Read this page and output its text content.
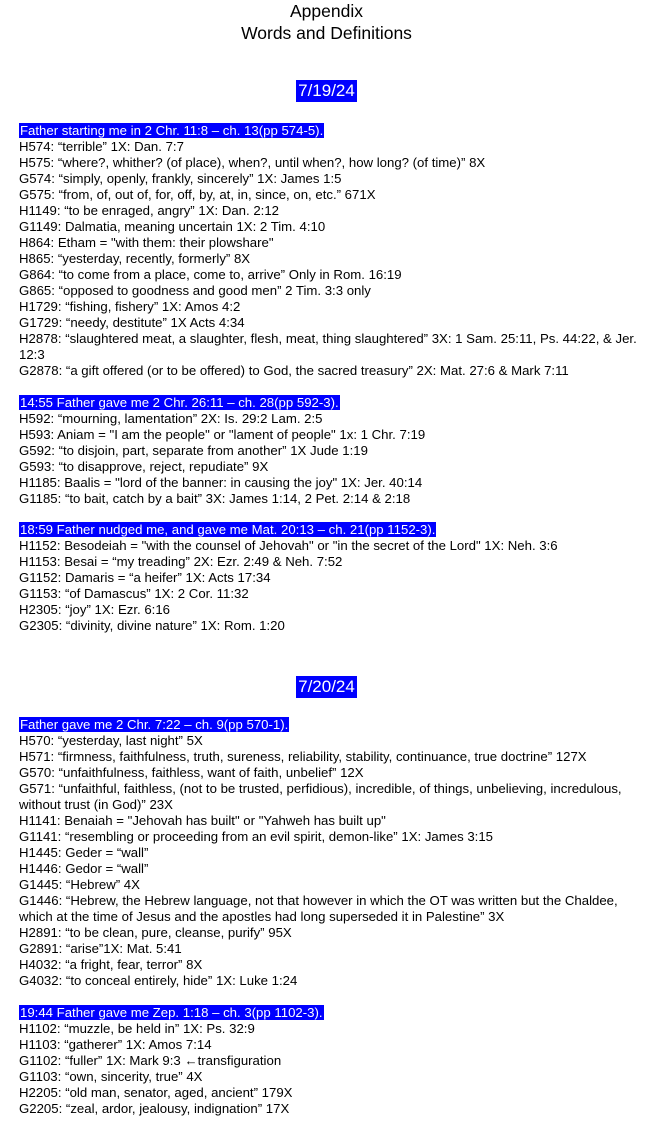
Appendix
Words and Definitions
7/19/24
Father starting me in 2 Chr. 11:8 – ch. 13(pp 574-5).
H574: “terrible” 1X: Dan. 7:7
H575: “where?, whither? (of place), when?, until when?, how long? (of time)” 8X
G574: “simply, openly, frankly, sincerely” 1X: James 1:5
G575: “from, of, out of, for, off, by, at, in, since, on, etc.” 671X
H1149: “to be enraged, angry” 1X: Dan. 2:12
G1149: Dalmatia, meaning uncertain 1X: 2 Tim. 4:10
H864: Etham = "with them: their plowshare"
H865: “yesterday, recently, formerly” 8X
G864: “to come from a place, come to, arrive” Only in Rom. 16:19
G865: “opposed to goodness and good men” 2 Tim. 3:3 only
H1729: “fishing, fishery” 1X: Amos 4:2
G1729: “needy, destitute” 1X Acts 4:34
H2878: “slaughtered meat, a slaughter, flesh, meat, thing slaughtered” 3X: 1 Sam. 25:11, Ps. 44:22, & Jer. 12:3
G2878: “a gift offered (or to be offered) to God, the sacred treasury” 2X: Mat. 27:6 & Mark 7:11
14:55 Father gave me 2 Chr. 26:11 – ch. 28(pp 592-3).
H592: “mourning, lamentation” 2X: Is. 29:2 Lam. 2:5
H593: Aniam = "I am the people" or "lament of people" 1x: 1 Chr. 7:19
G592: “to disjoin, part, separate from another” 1X Jude 1:19
G593: “to disapprove, reject, repudiate” 9X
H1185: Baalis = "lord of the banner: in causing the joy" 1X: Jer. 40:14
G1185: “to bait, catch by a bait” 3X: James 1:14, 2 Pet. 2:14 & 2:18
18:59 Father nudged me, and gave me Mat. 20:13 – ch. 21(pp 1152-3).
H1152: Besodeiah = "with the counsel of Jehovah" or "in the secret of the Lord" 1X: Neh. 3:6
H1153: Besai = “my treading” 2X: Ezr. 2:49 & Neh. 7:52
G1152: Damaris = “a heifer” 1X: Acts 17:34
G1153: “of Damascus” 1X: 2 Cor. 11:32
H2305: “joy” 1X: Ezr. 6:16
G2305: “divinity, divine nature” 1X: Rom. 1:20
7/20/24
Father gave me 2 Chr. 7:22 – ch. 9(pp 570-1).
H570: “yesterday, last night” 5X
H571: “firmness, faithfulness, truth, sureness, reliability, stability, continuance, true doctrine” 127X
G570: “unfaithfulness, faithless, want of faith, unbelief” 12X
G571: “unfaithful, faithless, (not to be trusted, perfidious), incredible, of things, unbelieving, incredulous, without trust (in God)” 23X
H1141: Benaiah = "Jehovah has built" or "Yahweh has built up"
G1141: “resembling or proceeding from an evil spirit, demon-like” 1X: James 3:15
H1445: Geder = “wall”
H1446: Gedor = “wall”
G1445: “Hebrew” 4X
G1446: “Hebrew, the Hebrew language, not that however in which the OT was written but the Chaldee, which at the time of Jesus and the apostles had long superseded it in Palestine” 3X
H2891: “to be clean, pure, cleanse, purify” 95X
G2891: “arise”1X: Mat. 5:41
H4032: “a fright, fear, terror” 8X
G4032: “to conceal entirely, hide” 1X: Luke 1:24
19:44 Father gave me Zep. 1:18 – ch. 3(pp 1102-3).
H1102: “muzzle, be held in” 1X: Ps. 32:9
H1103: “gatherer” 1X: Amos 7:14
G1102: “fuller” 1X: Mark 9:3 ←transfiguration
G1103: “own, sincerity, true” 4X
H2205: “old man, senator, aged, ancient” 179X
G2205: “zeal, ardor, jealousy, indignation” 17X
